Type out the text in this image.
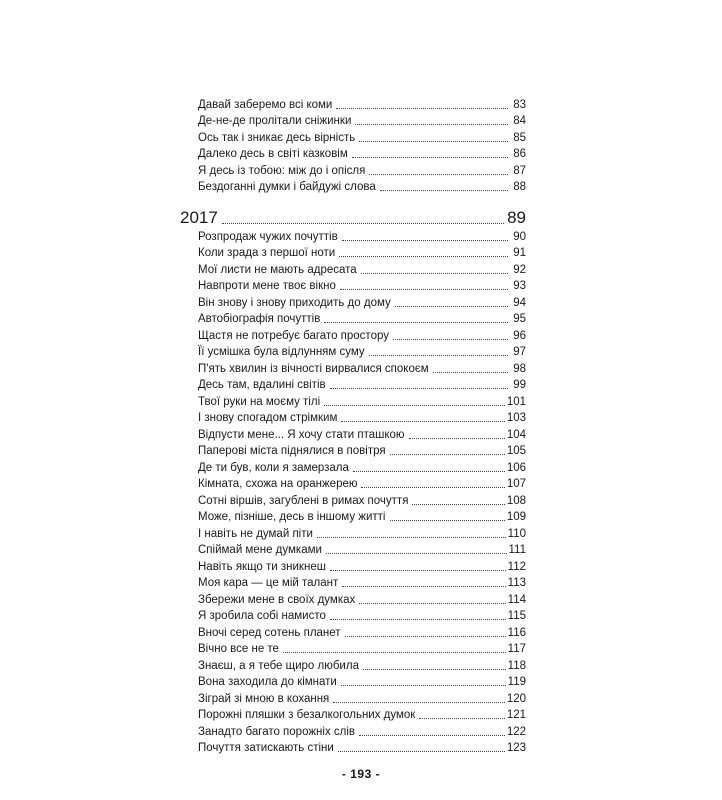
Давай заберемо всі коми	83
Де-не-де пролітали сніжинки	84
Ось так і зникає десь вірність	85
Далеко десь в світі казковім	86
Я десь із тобою: між до і опісля	87
Бездоганні думки і байдужі слова	88
2017	89
Розпродаж чужих почуттів	90
Коли зрада з першої ноти	91
Мої листи не мають адресата	92
Навпроти мене твоє вікно	93
Він знову і знову приходить до дому	94
Автобіографія почуттів	95
Щастя не потребує багато простору	96
Її усмішка була відлунням суму	97
П'ять хвилин із вічності вирвалися спокоєм	98
Десь там, вдалині світів	99
Твої руки на моєму тілі	101
І знову спогадом стрімким	103
Відпусти мене... Я хочу стати пташкою	104
Паперові міста піднялися в повітря	105
Де ти був, коли я замерзала	106
Кімната, схожа на оранжерею	107
Сотні віршів, загублені в римах почуття	108
Може, пізніше, десь в іншому житті	109
І навіть не думай піти	110
Спіймай мене думками	111
Навіть якщо ти зникнеш	112
Моя кара — це мій талант	113
Збережи мене в своїх думках	114
Я зробила собі намисто	115
Вночі серед сотень планет	116
Вічно все не те	117
Знаєш, а я тебе щиро любила	118
Вона заходила до кімнати	119
Зіграй зі мною в кохання	120
Порожні пляшки з безалкогольних думок	121
Занадто багато порожніх слів	122
Почуття затискають стіни	123
- 193 -
